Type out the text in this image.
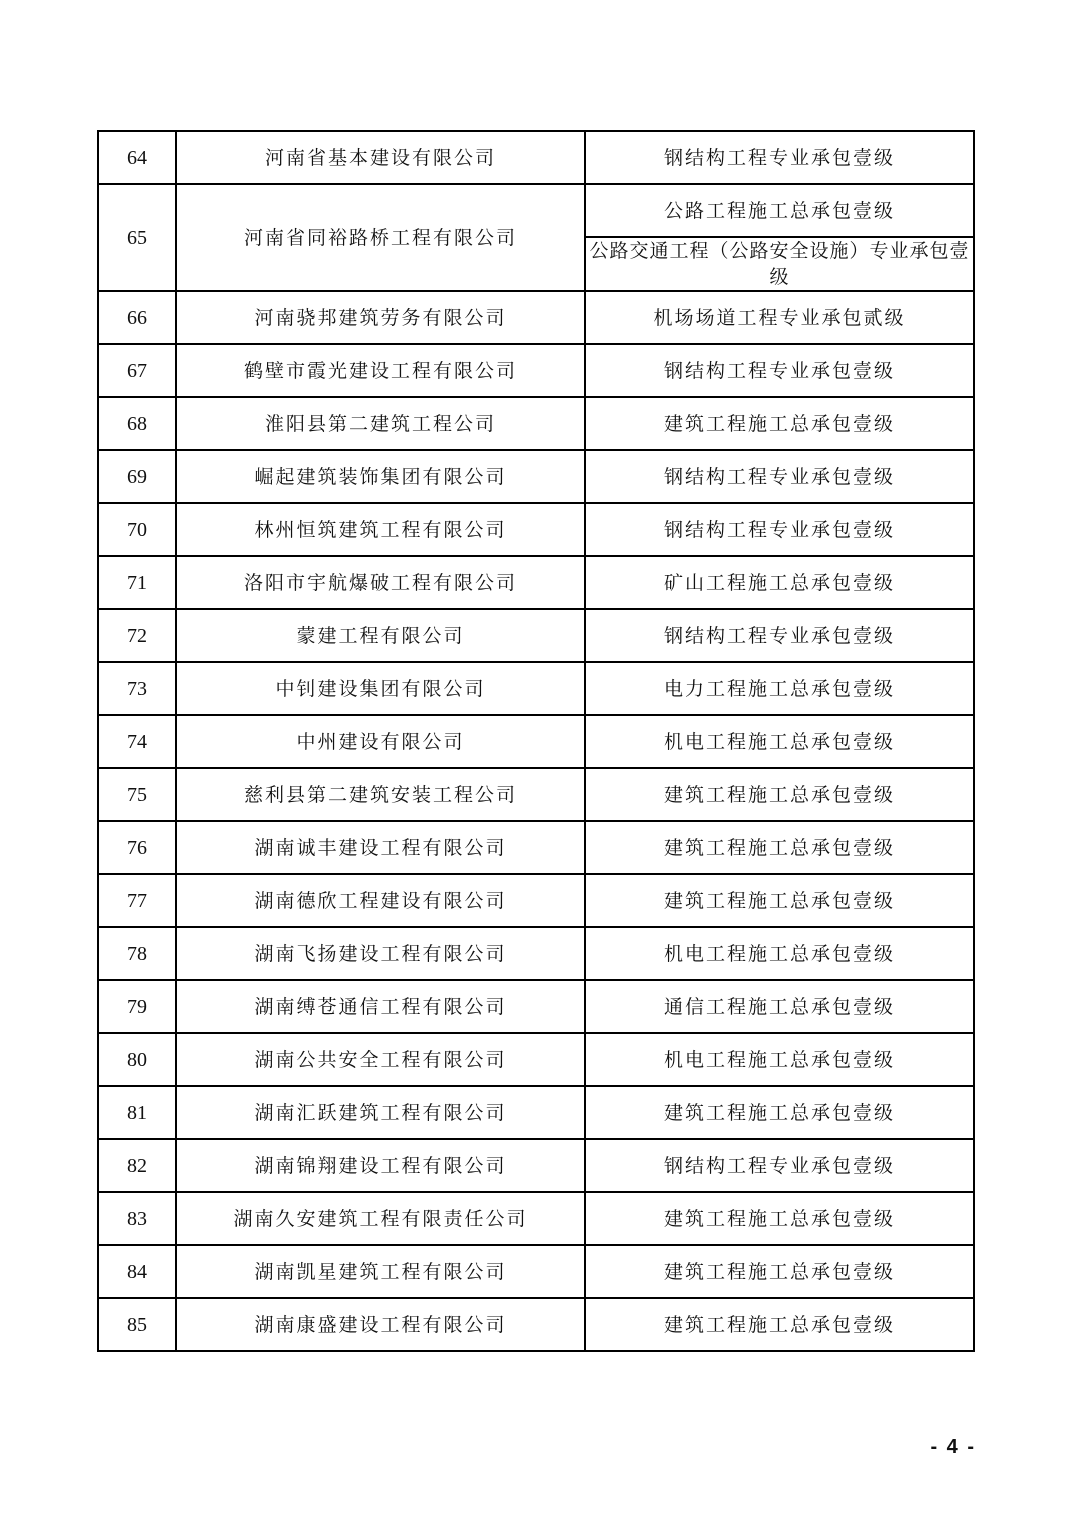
64	河南省基本建设有限公司	钢结构工程专业承包壹级
65	河南省同裕路桥工程有限公司	公路工程施工总承包壹级
		公路交通工程（公路安全设施）专业承包壹级
66	河南骁邦建筑劳务有限公司	机场场道工程专业承包贰级
67	鹤壁市霞光建设工程有限公司	钢结构工程专业承包壹级
68	淮阳县第二建筑工程公司	建筑工程施工总承包壹级
69	崛起建筑装饰集团有限公司	钢结构工程专业承包壹级
70	林州恒筑建筑工程有限公司	钢结构工程专业承包壹级
71	洛阳市宇航爆破工程有限公司	矿山工程施工总承包壹级
72	蒙建工程有限公司	钢结构工程专业承包壹级
73	中钊建设集团有限公司	电力工程施工总承包壹级
74	中州建设有限公司	机电工程施工总承包壹级
75	慈利县第二建筑安装工程公司	建筑工程施工总承包壹级
76	湖南诚丰建设工程有限公司	建筑工程施工总承包壹级
77	湖南德欣工程建设有限公司	建筑工程施工总承包壹级
78	湖南飞扬建设工程有限公司	机电工程施工总承包壹级
79	湖南缚苍通信工程有限公司	通信工程施工总承包壹级
80	湖南公共安全工程有限公司	机电工程施工总承包壹级
81	湖南汇跃建筑工程有限公司	建筑工程施工总承包壹级
82	湖南锦翔建设工程有限公司	钢结构工程专业承包壹级
83	湖南久安建筑工程有限责任公司	建筑工程施工总承包壹级
84	湖南凯星建筑工程有限公司	建筑工程施工总承包壹级
85	湖南康盛建设工程有限公司	建筑工程施工总承包壹级
- 4 -
